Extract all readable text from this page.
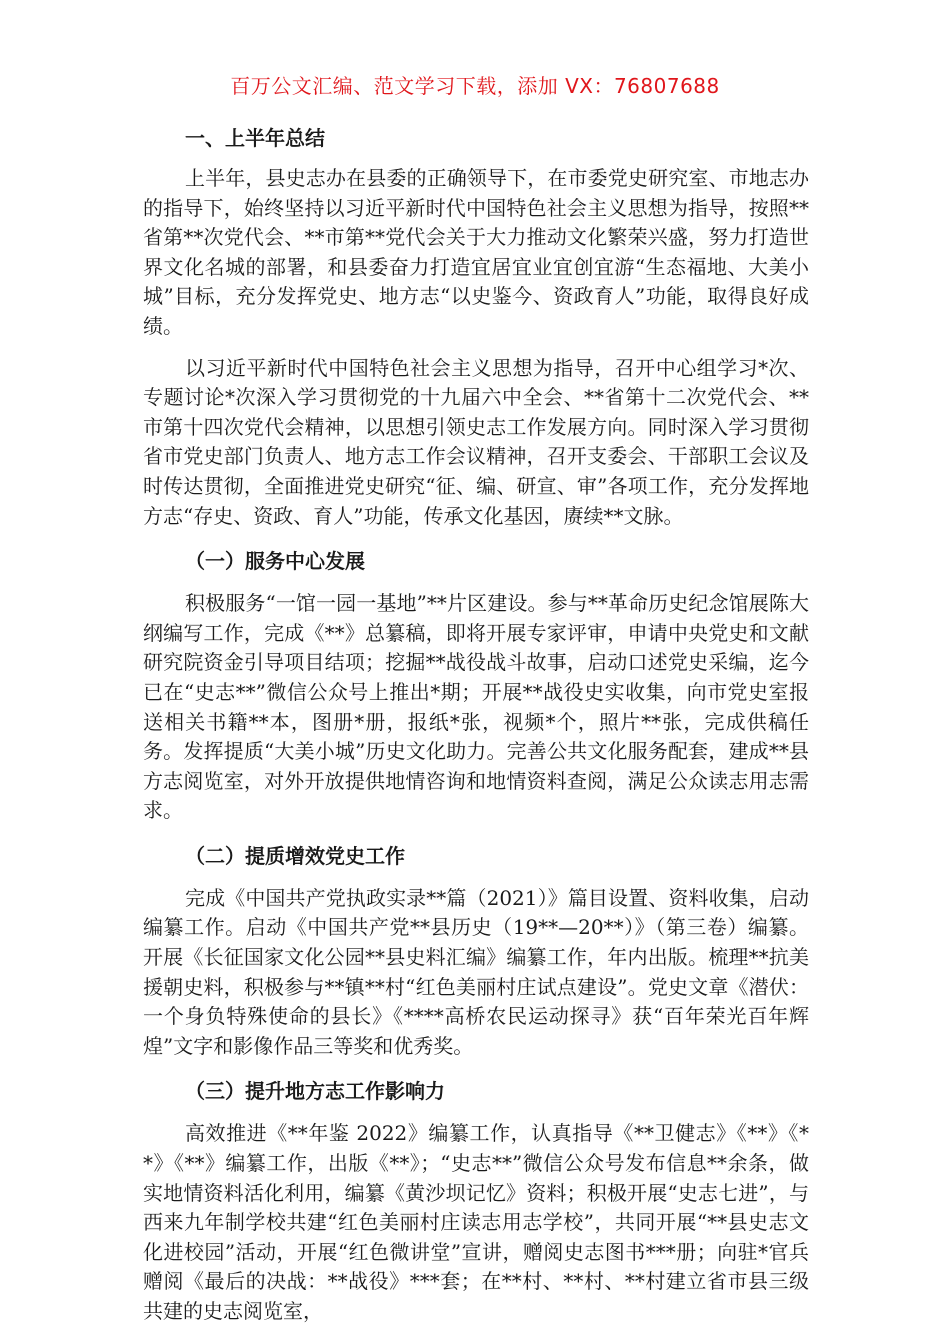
百万公文汇编、范文学习下载，添加 VX：76807688
一、上半年总结

上半年，县史志办在县委的正确领导下，在市委党史研究室、市地志办的指导下，始终坚持以习近平新时代中国特色社会主义思想为指导，按照**省第**次党代会、**市第**党代会关于大力推动文化繁荣兴盛，努力打造世界文化名城的部署，和县委奋力打造宜居宜业宜创宜游“生态福地、大美小城”目标，充分发挥党史、地方志“以史鉴今、资政育人”功能，取得良好成绩。

以习近平新时代中国特色社会主义思想为指导，召开中心组学习*次、专题讨论*次深入学习贯彻党的十九届六中全会、**省第十二次党代会、**市第十四次党代会精神，以思想引领史志工作发展方向。同时深入学习贯彻省市党史部门负责人、地方志工作会议精神，召开支委会、干部职工会议及时传达贯彻，全面推进党史研究“征、编、研宣、审”各项工作，充分发挥地方志“存史、资政、育人”功能，传承文化基因，赓续**文脉。

（一）服务中心发展

积极服务“一馆一园一基地”**片区建设。参与**革命历史纪念馆展陈大纲编写工作，完成《**》总纂稿，即将开展专家评审，申请中央党史和文献研究院资金引导项目结项；挖掘**战役战斗故事，启动口述党史采编，迄今已在“史志**”微信公众号上推出*期；开展**战役史实收集，向市党史室报送相关书籍**本，图册*册，报纸*张，视频*个，照片**张，完成供稿任务。发挥提质“大美小城”历史文化助力。完善公共文化服务配套，建成**县方志阅览室，对外开放提供地情咨询和地情资料查阅，满足公众读志用志需求。

（二）提质增效党史工作

完成《中国共产党执政实录**篇（2021）》篇目设置、资料收集，启动编纂工作。启动《中国共产党**县历史（19**—20**）》（第三卷）编纂。开展《长征国家文化公园**县史料汇编》编纂工作，年内出版。梳理**抗美援朝史料，积极参与**镇**村“红色美丽村庄试点建设”。党史文章《潜伏：一个身负特殊使命的县长》《****高桥农民运动探寻》获“百年荣光百年辉煌”文字和影像作品三等奖和优秀奖。

（三）提升地方志工作影响力

高效推进《**年鉴 2022》编纂工作，认真指导《**卫健志》《**》《**》《**》编纂工作，出版《**》；“史志**”微信公众号发布信息**余条，做实地情资料活化利用，编纂《黄沙坝记忆》资料；积极开展“史志七进”，与西来九年制学校共建“红色美丽村庄读志用志学校”，共同开展“**县史志文化进校园”活动，开展“红色微讲堂”宣讲，赠阅史志图书***册；向驻*官兵赠阅《最后的决战：**战役》***套；在**村、**村、**村建立省市县三级共建的史志阅览室，
